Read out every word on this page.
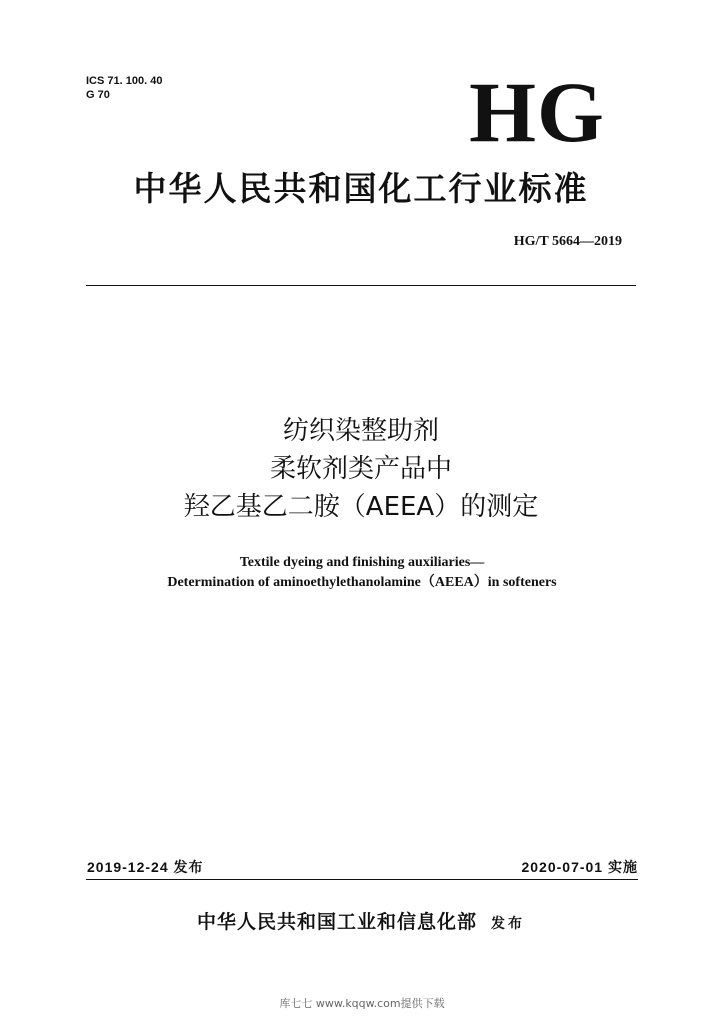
ICS 71. 100. 40
G 70	HG
中华人民共和国化工行业标准
HG/T 5664—2019
纺织染整助剂
柔软剂类产品中
羟乙基乙二胺（AEEA）的测定
Textile dyeing and finishing auxiliaries—
Determination of aminoethylethanolamine（AEEA）in softeners
2019-12-24 发布	2020-07-01 实施
中华人民共和国工业和信息化部 发布
库七七 www.kqqw.com提供下载
